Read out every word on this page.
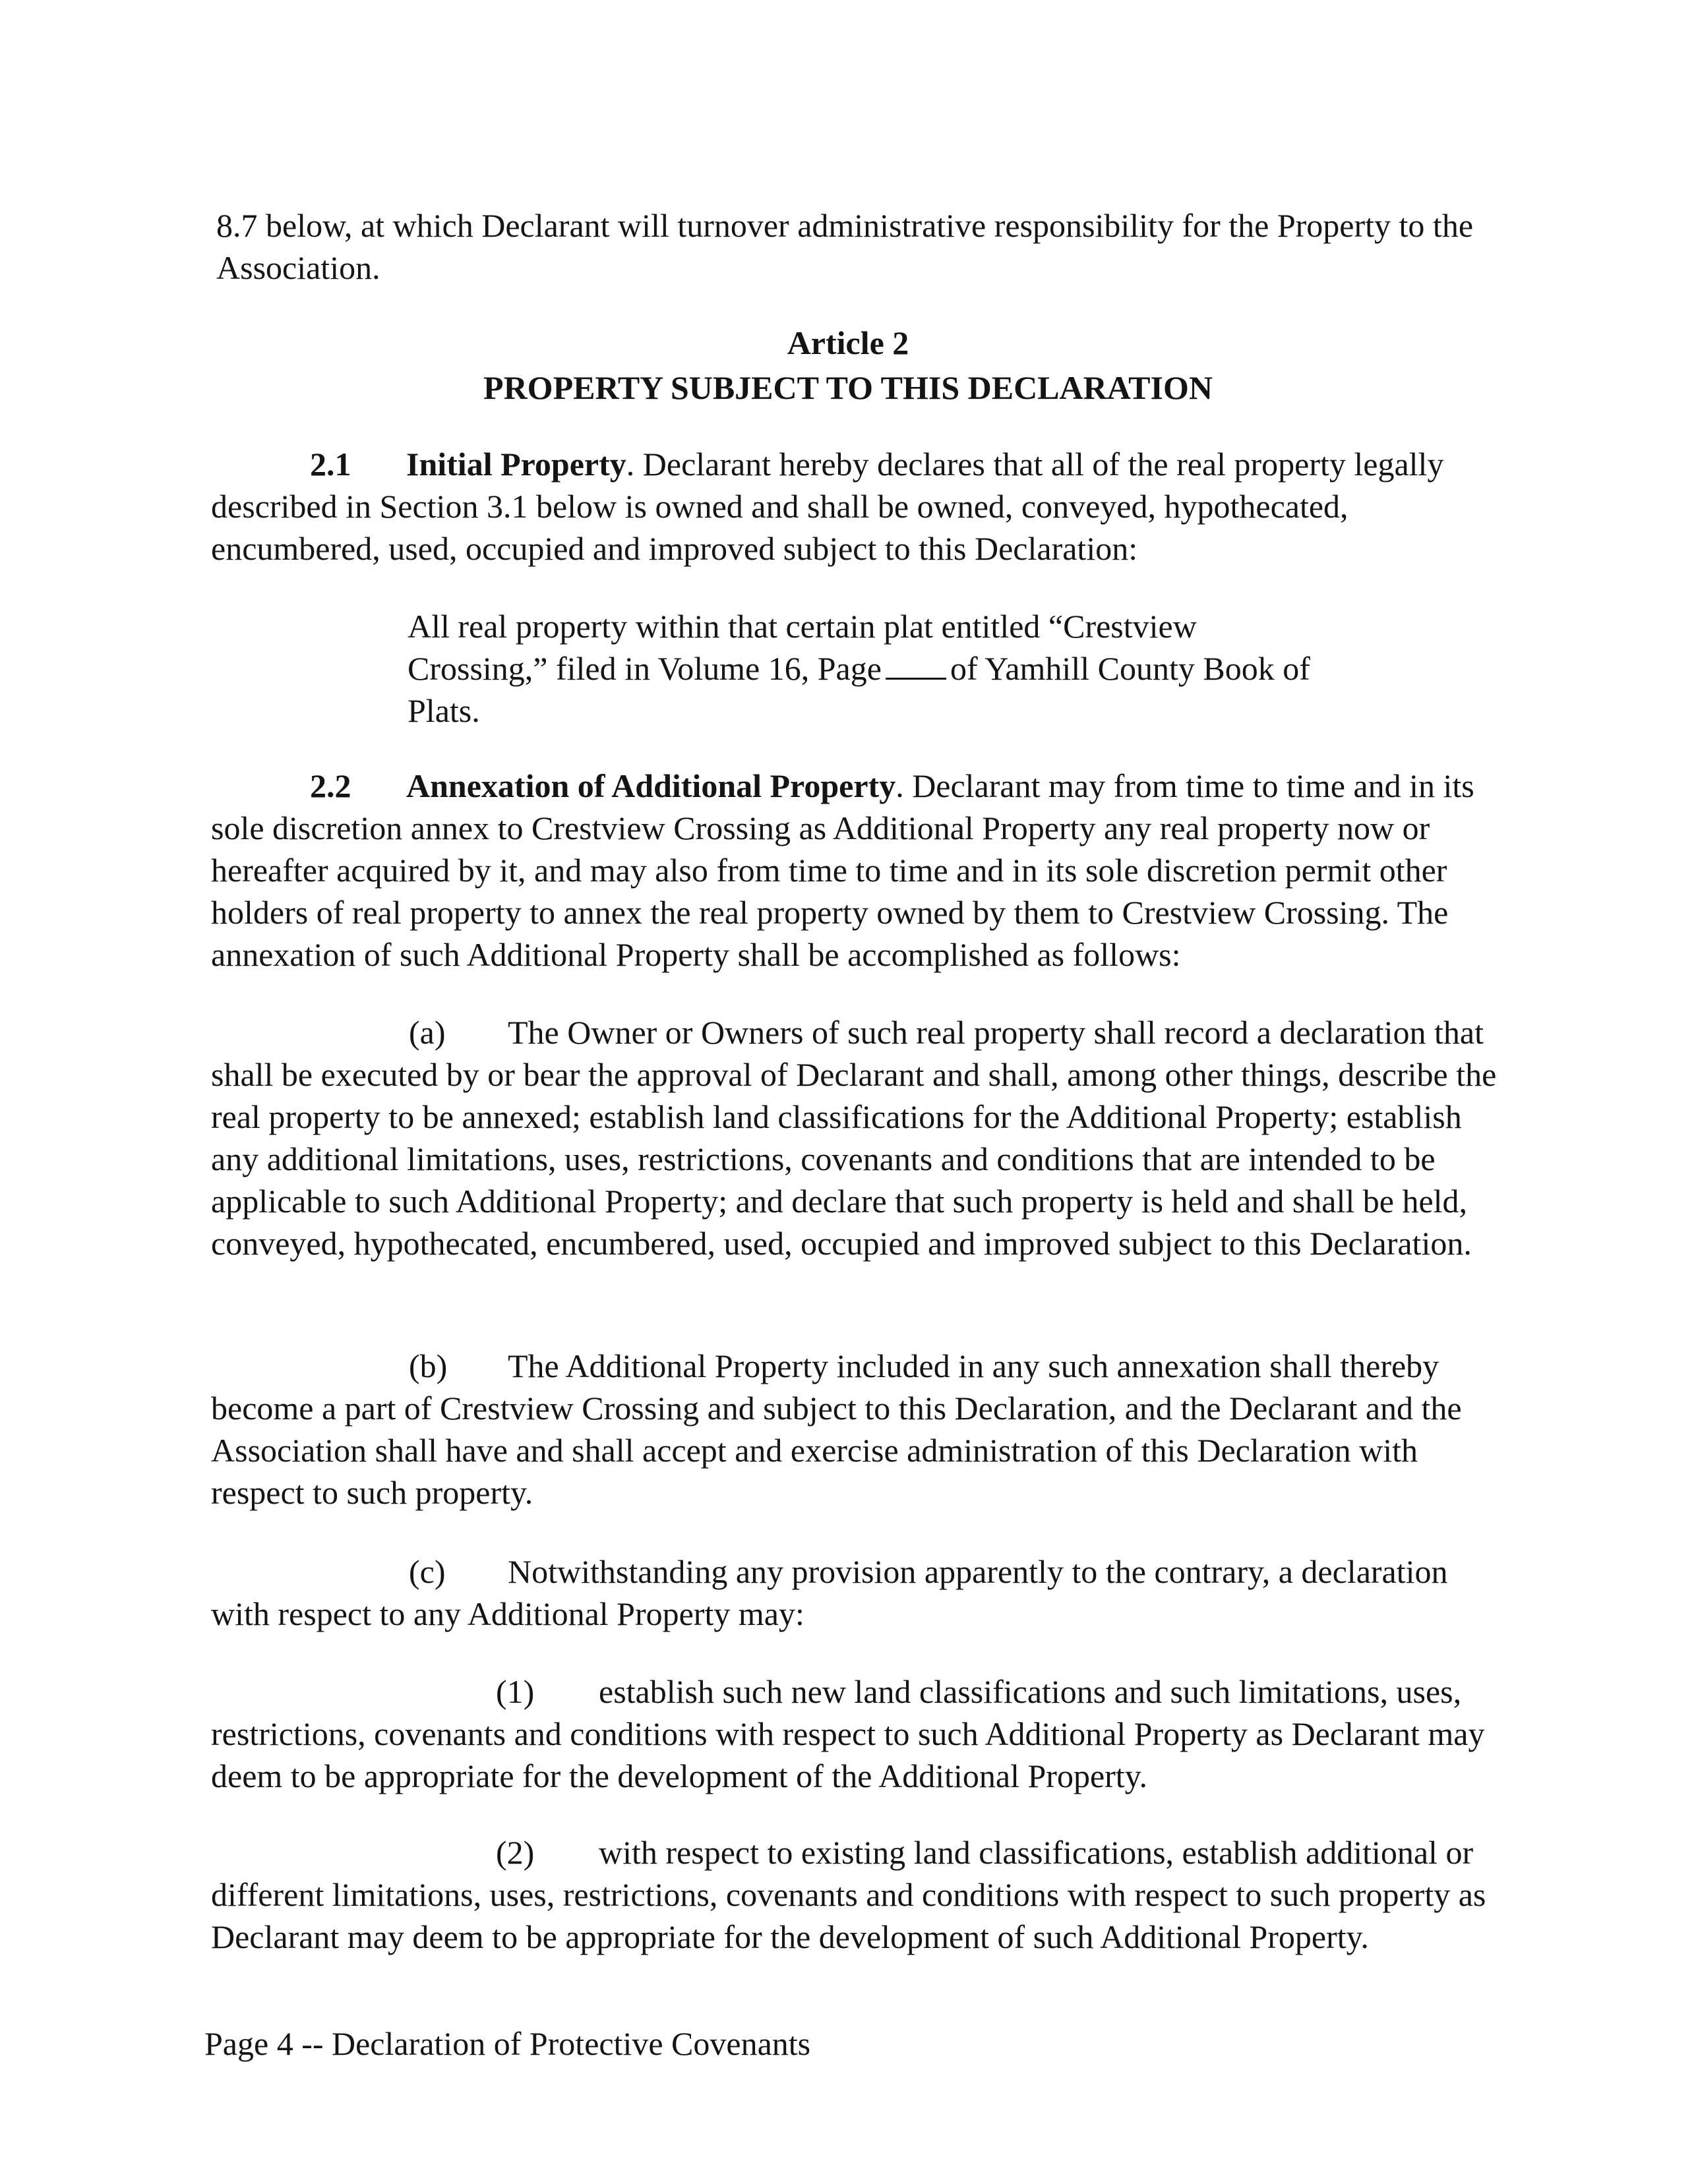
8.7 below, at which Declarant will turnover administrative responsibility for the Property to the
Association.

Article 2
PROPERTY SUBJECT TO THIS DECLARATION

2.1 Initial Property. Declarant hereby declares that all of the real property legally described in Section 3.1 below is owned and shall be owned, conveyed, hypothecated, encumbered, used, occupied and improved subject to this Declaration:

All real property within that certain plat entitled “Crestview Crossing,” filed in Volume 16, Page of Yamhill County Book of Plats.

2.2 Annexation of Additional Property. Declarant may from time to time and in its sole discretion annex to Crestview Crossing as Additional Property any real property now or hereafter acquired by it, and may also from time to time and in its sole discretion permit other holders of real property to annex the real property owned by them to Crestview Crossing. The annexation of such Additional Property shall be accomplished as follows:

(a) The Owner or Owners of such real property shall record a declaration that shall be executed by or bear the approval of Declarant and shall, among other things, describe the real property to be annexed; establish land classifications for the Additional Property; establish any additional limitations, uses, restrictions, covenants and conditions that are intended to be applicable to such Additional Property; and declare that such property is held and shall be held, conveyed, hypothecated, encumbered, used, occupied and improved subject to this Declaration.

(b) The Additional Property included in any such annexation shall thereby become a part of Crestview Crossing and subject to this Declaration, and the Declarant and the Association shall have and shall accept and exercise administration of this Declaration with respect to such property.

(c) Notwithstanding any provision apparently to the contrary, a declaration with respect to any Additional Property may:

(1) establish such new land classifications and such limitations, uses, restrictions, covenants and conditions with respect to such Additional Property as Declarant may deem to be appropriate for the development of the Additional Property.

(2) with respect to existing land classifications, establish additional or different limitations, uses, restrictions, covenants and conditions with respect to such property as Declarant may deem to be appropriate for the development of such Additional Property.

Page 4 -- Declaration of Protective Covenants
